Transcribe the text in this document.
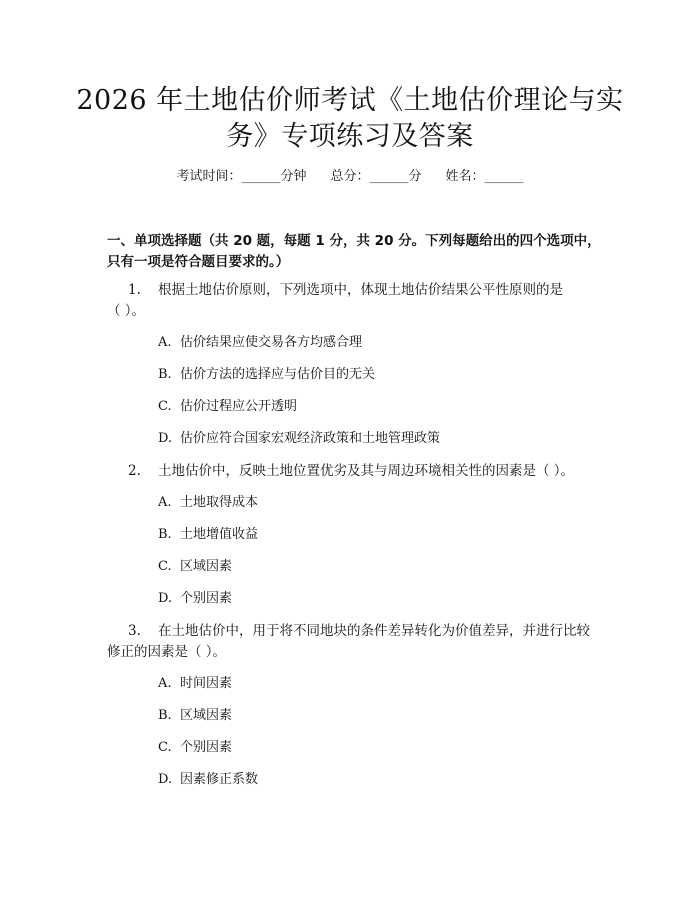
2026 年土地估价师考试《土地估价理论与实
务》专项练习及答案
考试时间：______分钟 总分：______分 姓名：______
一、单项选择题（共 20 题，每题 1 分，共 20 分。下列每题给出的四个选项中，
只有一项是符合题目要求的。）
1. 根据土地估价原则，下列选项中，体现土地估价结果公平性原则的是
（ ）。
A. 估价结果应使交易各方均感合理
B. 估价方法的选择应与估价目的无关
C. 估价过程应公开透明
D. 估价应符合国家宏观经济政策和土地管理政策
2. 土地估价中，反映土地位置优劣及其与周边环境相关性的因素是（ ）。
A. 土地取得成本
B. 土地增值收益
C. 区域因素
D. 个别因素
3. 在土地估价中，用于将不同地块的条件差异转化为价值差异，并进行比较
修正的因素是（ ）。
A. 时间因素
B. 区域因素
C. 个别因素
D. 因素修正系数
